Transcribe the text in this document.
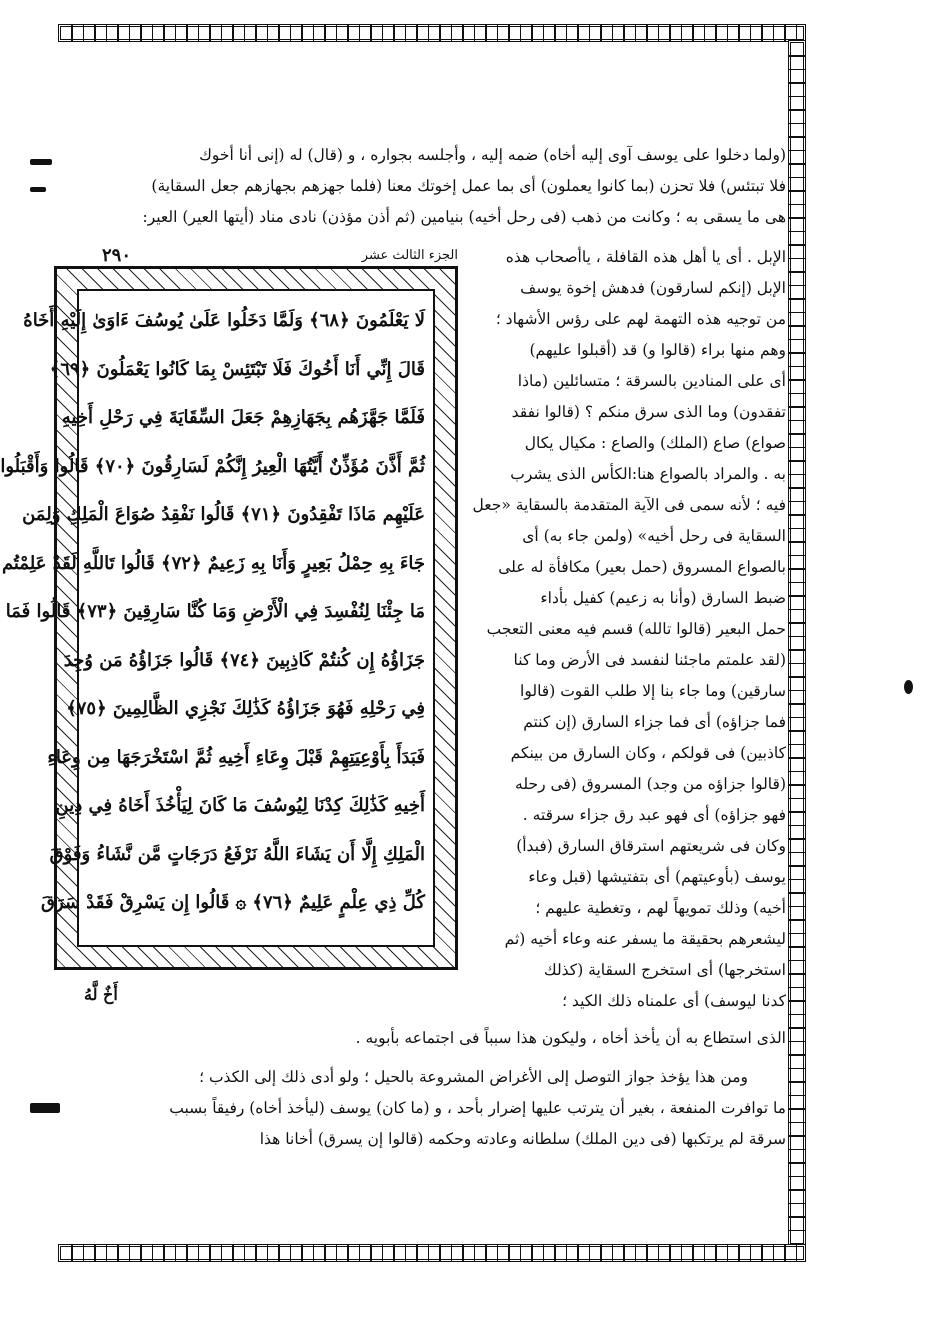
(ولما دخلوا على يوسف آوى إليه أخاه) ضمه إليه ، وأجلسه بجواره ، و (قال) له (إنى أنا أخوك

فلا تبتئس) فلا تحزن (بما كانوا يعملون) أى بما عمل إخوتك معنا (فلما جهزهم بجهازهم جعل السقاية)

هى ما يسقى به ؛ وكانت من ذهب (فى رحل أخيه) بنيامين (ثم أذن مؤذن) نادى مناد (أيتها العير) العير:

الإبل . أى يا أهل هذه القافلة ، ياأصحاب هذه

الإبل (إنكم لسارقون) فدهش إخوة يوسف

من توجيه هذه التهمة لهم على رؤس الأشهاد ؛

وهم منها براء (قالوا و) قد (أقبلوا عليهم)

أى على المنادين بالسرقة ؛ متسائلين (ماذا

تفقدون) وما الذى سرق منكم ؟ (قالوا نفقد

صواع) صاع (الملك) والصاع : مكيال يكال

به . والمراد بالصواع هنا:الكأس الذى يشرب

فيه ؛ لأنه سمى فى الآية المتقدمة بالسقاية «جعل

السقاية فى رحل أخيه» (ولمن جاء به) أى

بالصواع المسروق (حمل بعير) مكافأة له على

ضبط السارق (وأنا به زعيم) كفيل بأداء

حمل البعير (قالوا تالله) قسم فيه معنى التعجب

(لقد علمتم ماجئنا لنفسد فى الأرض وما كنا

سارقين) وما جاء بنا إلا طلب القوت (قالوا

فما جزاؤه) أى فما جزاء السارق (إن كنتم

كاذبين) فى قولكم ، وكان السارق من بينكم

(قالوا جزاؤه من وجد) المسروق (فى رحله

فهو جزاؤه) أى فهو عبد رق جزاء سرقته .

وكان فى شريعتهم استرقاق السارق (فبدأ)

يوسف (بأوعيتهم) أى بتفتيشها (قبل وعاء

أخيه) وذلك تمويهاً لهم ، وتغطية عليهم ؛

ليشعرهم بحقيقة ما يسفر عنه وعاء أخيه (ثم

استخرجها) أى استخرج السقاية (كذلك

كدنا ليوسف) أى علمناه ذلك الكيد ؛

الجزء الثالث عشر
٢٩٠
لَا يَعْلَمُونَ ﴿٦٨﴾ وَلَمَّا دَخَلُوا عَلَىٰ يُوسُفَ ءَاوَىٰ إِلَيْهِ أَخَاهُ
قَالَ إِنِّي أَنَا أَخُوكَ فَلَا تَبْتَئِسْ بِمَا كَانُوا يَعْمَلُونَ ﴿٦٩﴾
فَلَمَّا جَهَّزَهُم بِجَهَازِهِمْ جَعَلَ السِّقَايَةَ فِي رَحْلِ أَخِيهِ
ثُمَّ أَذَّنَ مُؤَذِّنٌ أَيَّتُهَا الْعِيرُ إِنَّكُمْ لَسَارِقُونَ ﴿٧٠﴾ قَالُوا وَأَقْبَلُوا
عَلَيْهِم مَاذَا تَفْقِدُونَ ﴿٧١﴾ قَالُوا نَفْقِدُ صُوَاعَ الْمَلِكِ وَلِمَن
جَاءَ بِهِ حِمْلُ بَعِيرٍ وَأَنَا بِهِ زَعِيمٌ ﴿٧٢﴾ قَالُوا تَاللَّهِ لَقَدْ عَلِمْتُم
مَا جِئْنَا لِنُفْسِدَ فِي الْأَرْضِ وَمَا كُنَّا سَارِقِينَ ﴿٧٣﴾ قَالُوا فَمَا
جَزَاؤُهُ إِن كُنتُمْ كَاذِبِينَ ﴿٧٤﴾ قَالُوا جَزَاؤُهُ مَن وُجِدَ
فِي رَحْلِهِ فَهُوَ جَزَاؤُهُ كَذَٰلِكَ نَجْزِي الظَّالِمِينَ ﴿٧٥﴾
فَبَدَأَ بِأَوْعِيَتِهِمْ قَبْلَ وِعَاءِ أَخِيهِ ثُمَّ اسْتَخْرَجَهَا مِن وِعَاءِ
أَخِيهِ كَذَٰلِكَ كِدْنَا لِيُوسُفَ مَا كَانَ لِيَأْخُذَ أَخَاهُ فِي دِينِ
الْمَلِكِ إِلَّا أَن يَشَاءَ اللَّهُ نَرْفَعُ دَرَجَاتٍ مَّن نَّشَاءُ وَفَوْقَ
كُلِّ ذِي عِلْمٍ عَلِيمٌ ﴿٧٦﴾ ۞ قَالُوا إِن يَسْرِقْ فَقَدْ سَرَقَ
أَخٌ لَّهُ

الذى استطاع به أن يأخذ أخاه ، وليكون هذا سبباً فى اجتماعه بأبويه .

ومن هذا يؤخذ جواز التوصل إلى الأغراض المشروعة بالحيل ؛ ولو أدى ذلك إلى الكذب ؛

ما توافرت المنفعة ، بغير أن يترتب عليها إضرار بأحد ، و (ما كان) يوسف (ليأخذ أخاه) رفيقاً بسبب

سرقة لم يرتكبها (فى دين الملك) سلطانه وعادته وحكمه (قالوا إن يسرق) أخانا هذا
